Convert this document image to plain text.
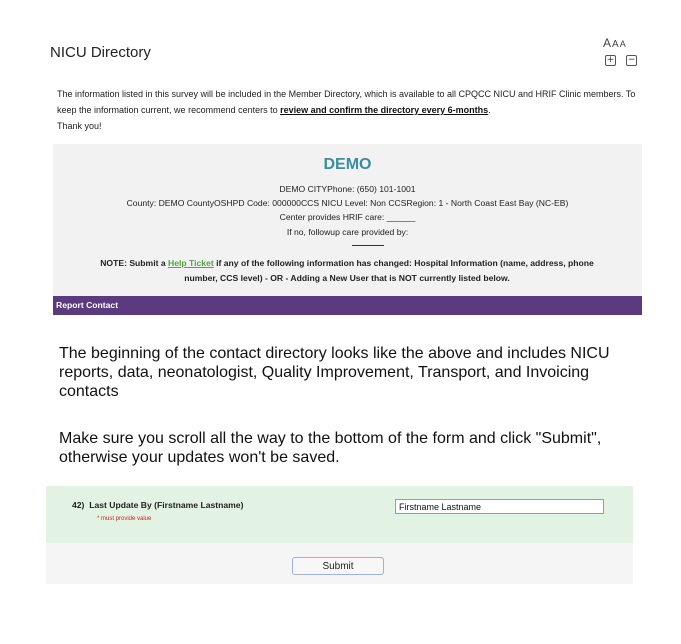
NICU Directory
AAA
+ −
The information listed in this survey will be included in the Member Directory, which is available to all CPQCC NICU and HRIF Clinic members. To keep the information current, we recommend centers to review and confirm the directory every 6-months.
Thank you!
DEMO
DEMO CITYPhone: (650) 101-1001
County: DEMO CountyOSHPD Code: 000000CCS NICU Level: Non CCSRegion: 1 - North Coast East Bay (NC-EB)
Center provides HRIF care: ______
If no, followup care provided by:
NOTE: Submit a Help Ticket if any of the following information has changed: Hospital Information (name, address, phone number, CCS level) - OR - Adding a New User that is NOT currently listed below.
Report Contact
The beginning of the contact directory looks like the above and includes NICU reports, data, neonatologist, Quality Improvement, Transport, and Invoicing contacts
Make sure you scroll all the way to the bottom of the form and click "Submit", otherwise your updates won't be saved.
42) Last Update By (Firstname Lastname)
* must provide value
Firstname Lastname
Submit
